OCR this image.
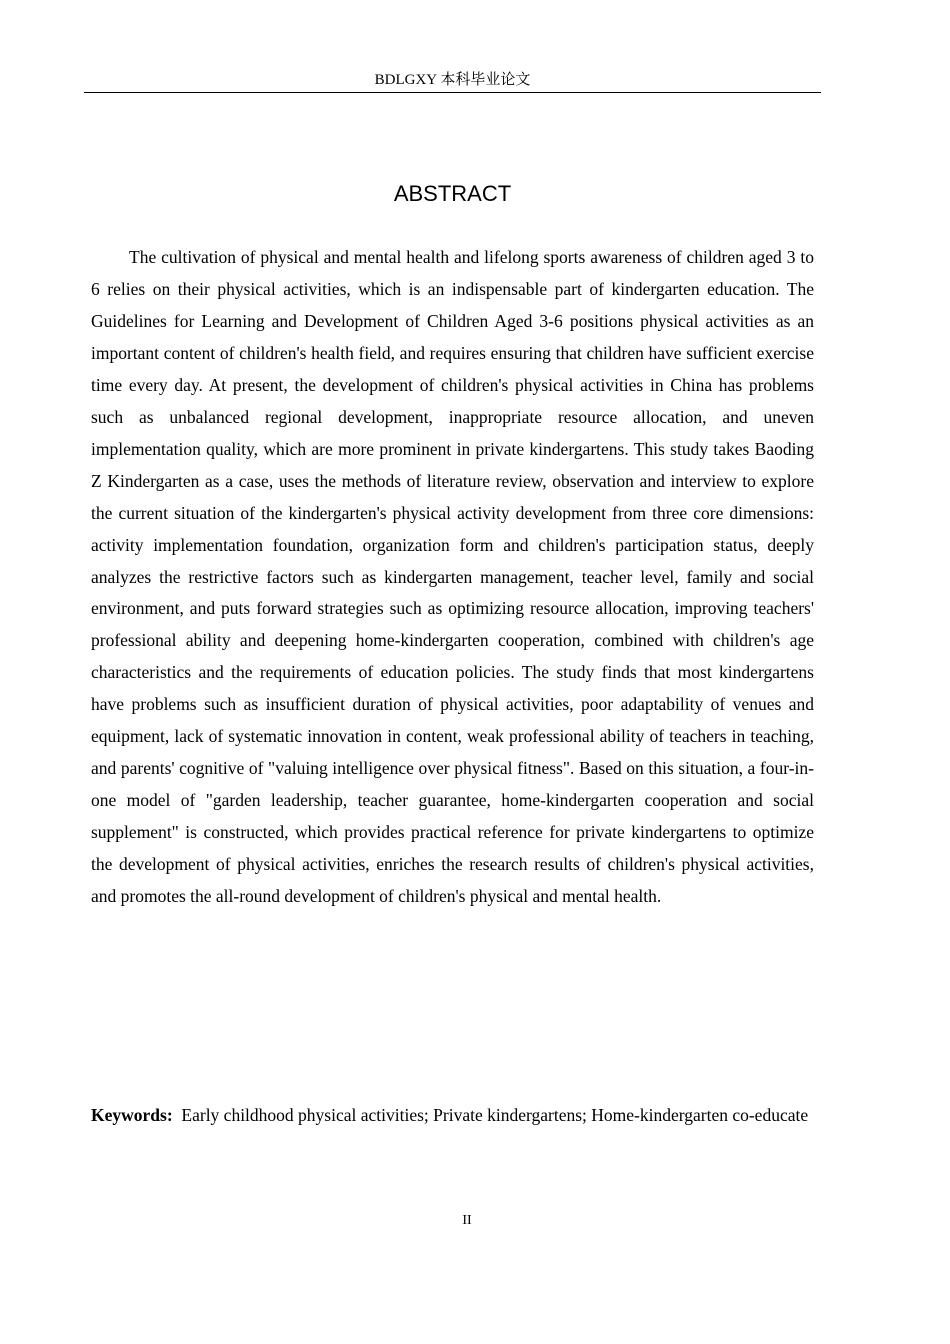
BDLGXY 本科毕业论文
ABSTRACT

The cultivation of physical and mental health and lifelong sports awareness of children aged 3 to 6 relies on their physical activities, which is an indispensable part of kindergarten education. The Guidelines for Learning and Development of Children Aged 3-6 positions physical activities as an important content of children's health field, and requires ensuring that children have sufficient exercise time every day. At present, the development of children's physical activities in China has problems such as unbalanced regional development, inappropriate resource allocation, and uneven implementation quality, which are more prominent in private kindergartens. This study takes Baoding Z Kindergarten as a case, uses the methods of literature review, observation and interview to explore the current situation of the kindergarten's physical activity development from three core dimensions: activity implementation foundation, organization form and children's participation status, deeply analyzes the restrictive factors such as kindergarten management, teacher level, family and social environment, and puts forward strategies such as optimizing resource allocation, improving teachers' professional ability and deepening home-kindergarten cooperation, combined with children's age characteristics and the requirements of education policies. The study finds that most kindergartens have problems such as insufficient duration of physical activities, poor adaptability of venues and equipment, lack of systematic innovation in content, weak professional ability of teachers in teaching, and parents' cognitive of "valuing intelligence over physical fitness". Based on this situation, a four-in-one model of "garden leadership, teacher guarantee, home-kindergarten cooperation and social supplement" is constructed, which provides practical reference for private kindergartens to optimize the development of physical activities, enriches the research results of children's physical activities, and promotes the all-round development of children's physical and mental health.

Keywords: Early childhood physical activities; Private kindergartens; Home-kindergarten co-educate

II
